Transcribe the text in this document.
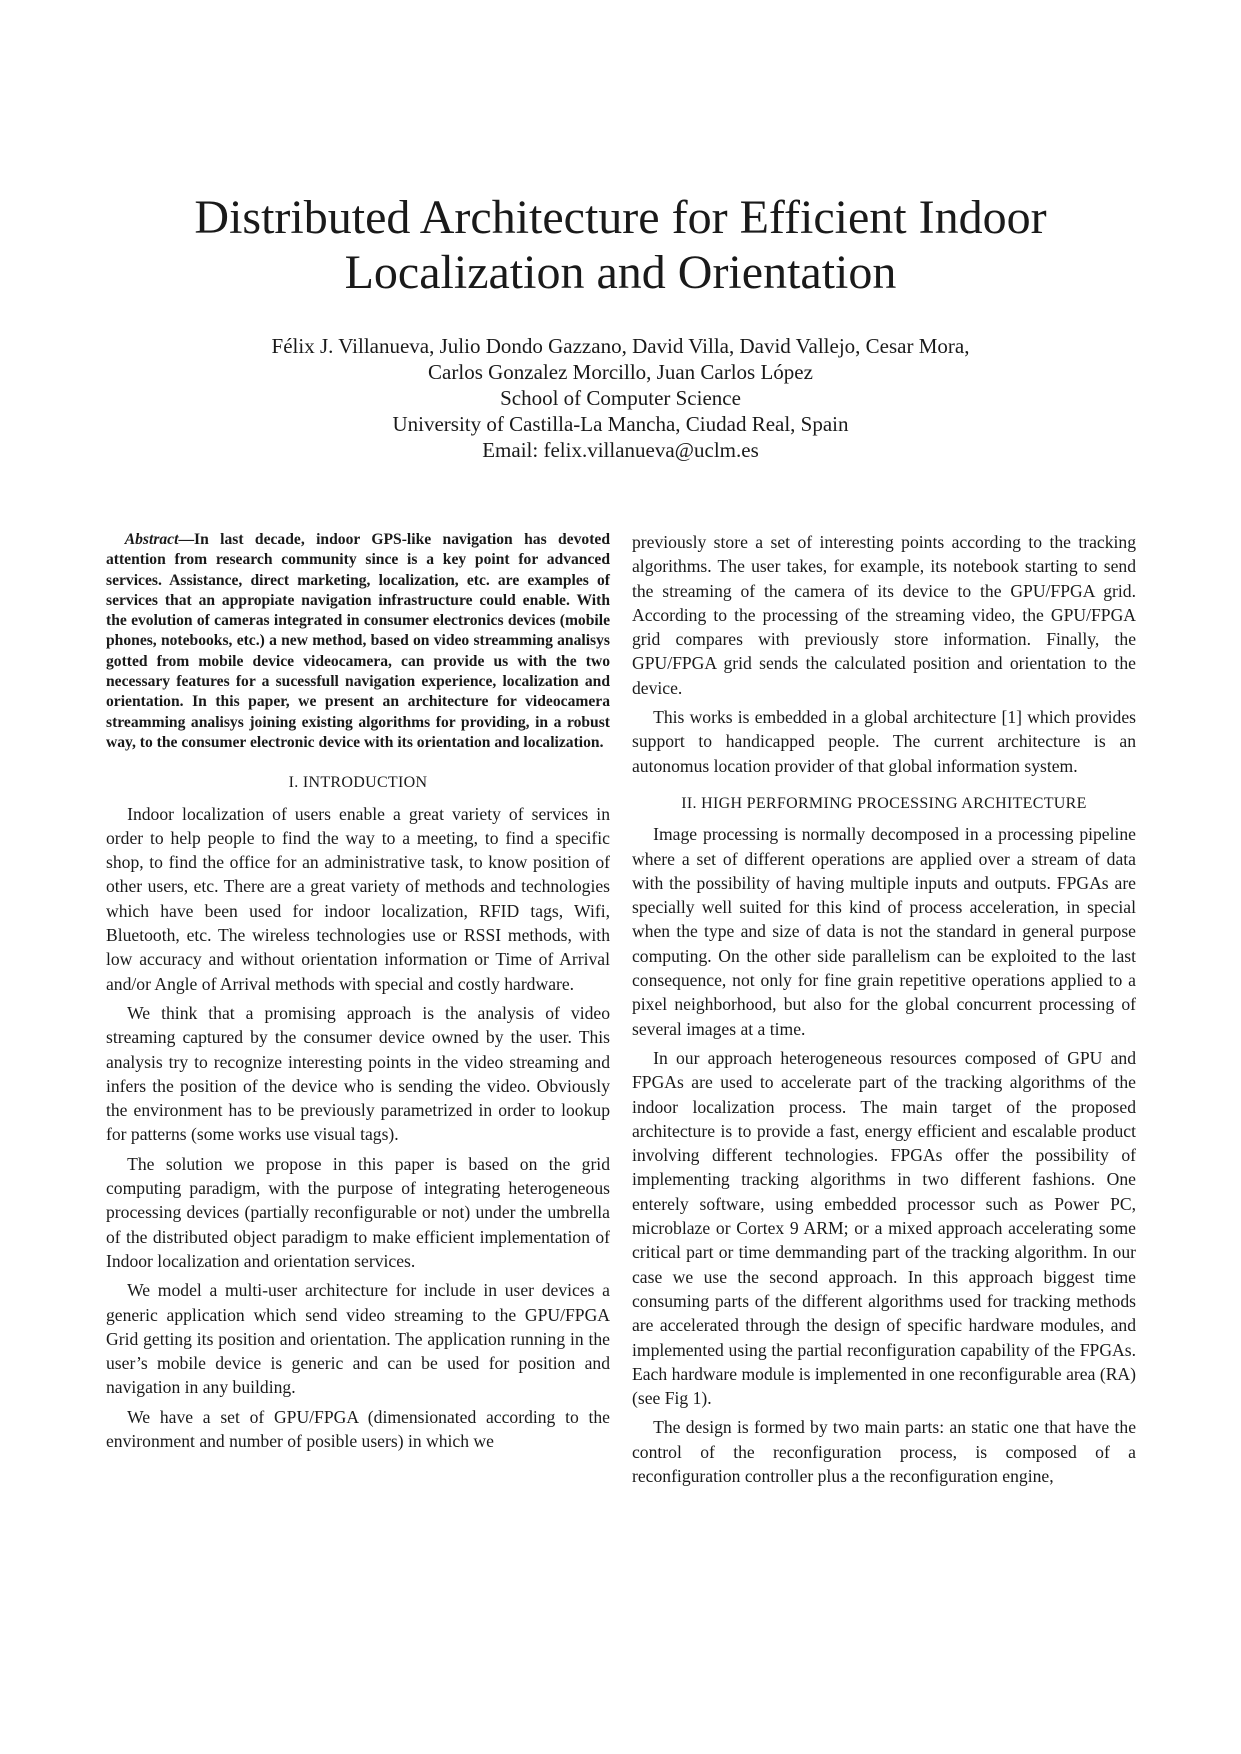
Distributed Architecture for Efficient Indoor
Localization and Orientation
Félix J. Villanueva, Julio Dondo Gazzano, David Villa, David Vallejo, Cesar Mora,
Carlos Gonzalez Morcillo, Juan Carlos López
School of Computer Science
University of Castilla-La Mancha, Ciudad Real, Spain
Email: felix.villanueva@uclm.es

Abstract—In last decade, indoor GPS-like navigation has devoted attention from research community since is a key point for advanced services. Assistance, direct marketing, localization, etc. are examples of services that an appropiate navigation infrastructure could enable. With the evolution of cameras integrated in consumer electronics devices (mobile phones, notebooks, etc.) a new method, based on video streamming analisys gotted from mobile device videocamera, can provide us with the two necessary features for a sucessfull navigation experience, localization and orientation. In this paper, we present an architecture for videocamera streamming analisys joining existing algorithms for providing, in a robust way, to the consumer electronic device with its orientation and localization.

I. INTRODUCTION

Indoor localization of users enable a great variety of services in order to help people to find the way to a meeting, to find a specific shop, to find the office for an administrative task, to know position of other users, etc. There are a great variety of methods and technologies which have been used for indoor localization, RFID tags, Wifi, Bluetooth, etc. The wireless technologies use or RSSI methods, with low accuracy and without orientation information or Time of Arrival and/or Angle of Arrival methods with special and costly hardware.

We think that a promising approach is the analysis of video streaming captured by the consumer device owned by the user. This analysis try to recognize interesting points in the video streaming and infers the position of the device who is sending the video. Obviously the environment has to be previously parametrized in order to lookup for patterns (some works use visual tags).

The solution we propose in this paper is based on the grid computing paradigm, with the purpose of integrating heterogeneous processing devices (partially reconfigurable or not) under the umbrella of the distributed object paradigm to make efficient implementation of Indoor localization and orientation services.

We model a multi-user architecture for include in user devices a generic application which send video streaming to the GPU/FPGA Grid getting its position and orientation. The application running in the user’s mobile device is generic and can be used for position and navigation in any building.

We have a set of GPU/FPGA (dimensionated according to the environment and number of posible users) in which we

previously store a set of interesting points according to the tracking algorithms. The user takes, for example, its notebook starting to send the streaming of the camera of its device to the GPU/FPGA grid. According to the processing of the streaming video, the GPU/FPGA grid compares with previously store information. Finally, the GPU/FPGA grid sends the calculated position and orientation to the device.

This works is embedded in a global architecture [1] which provides support to handicapped people. The current architecture is an autonomus location provider of that global information system.

II. HIGH PERFORMING PROCESSING ARCHITECTURE

Image processing is normally decomposed in a processing pipeline where a set of different operations are applied over a stream of data with the possibility of having multiple inputs and outputs. FPGAs are specially well suited for this kind of process acceleration, in special when the type and size of data is not the standard in general purpose computing. On the other side parallelism can be exploited to the last consequence, not only for fine grain repetitive operations applied to a pixel neighborhood, but also for the global concurrent processing of several images at a time.

In our approach heterogeneous resources composed of GPU and FPGAs are used to accelerate part of the tracking algorithms of the indoor localization process. The main target of the proposed architecture is to provide a fast, energy efficient and escalable product involving different technologies. FPGAs offer the possibility of implementing tracking algorithms in two different fashions. One enterely software, using embedded processor such as Power PC, microblaze or Cortex 9 ARM; or a mixed approach accelerating some critical part or time demmanding part of the tracking algorithm. In our case we use the second approach. In this approach biggest time consuming parts of the different algorithms used for tracking methods are accelerated through the design of specific hardware modules, and implemented using the partial reconfiguration capability of the FPGAs. Each hardware module is implemented in one reconfigurable area (RA) (see Fig 1).

The design is formed by two main parts: an static one that have the control of the reconfiguration process, is composed of a reconfiguration controller plus a the reconfiguration engine,
